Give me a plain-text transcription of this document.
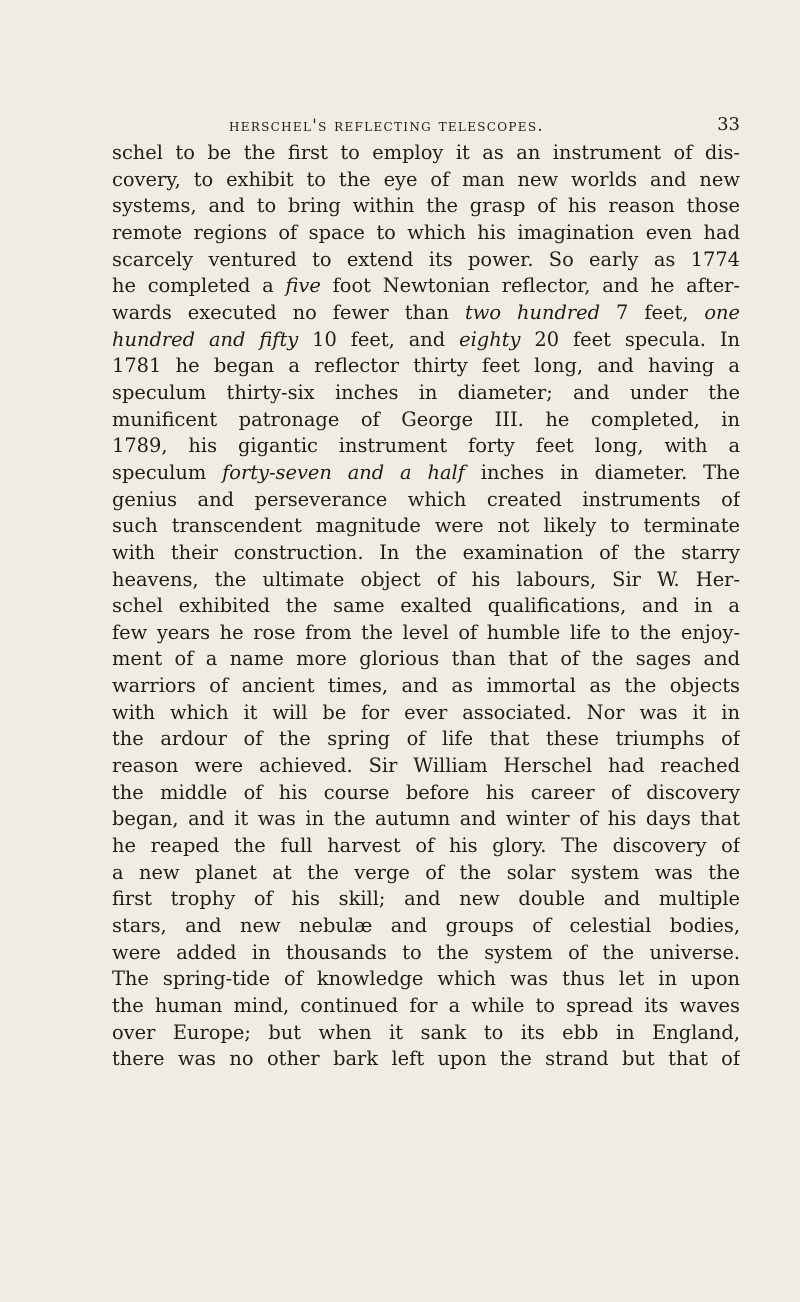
herschel's reflecting telescopes.	33
schel to be the first to employ it as an instrument of dis-
covery, to exhibit to the eye of man new worlds and new
systems, and to bring within the grasp of his reason those
remote regions of space to which his imagination even had
scarcely ventured to extend its power. So early as 1774
he completed a five foot Newtonian reflector, and he after-
wards executed no fewer than two hundred 7 feet, one
hundred and fifty 10 feet, and eighty 20 feet specula. In
1781 he began a reflector thirty feet long, and having a
speculum thirty-six inches in diameter; and under the
munificent patronage of George III. he completed, in
1789, his gigantic instrument forty feet long, with a
speculum forty-seven and a half inches in diameter. The
genius and perseverance which created instruments of
such transcendent magnitude were not likely to terminate
with their construction. In the examination of the starry
heavens, the ultimate object of his labours, Sir W. Her-
schel exhibited the same exalted qualifications, and in a
few years he rose from the level of humble life to the enjoy-
ment of a name more glorious than that of the sages and
warriors of ancient times, and as immortal as the objects
with which it will be for ever associated. Nor was it in
the ardour of the spring of life that these triumphs of
reason were achieved. Sir William Herschel had reached
the middle of his course before his career of discovery
began, and it was in the autumn and winter of his days that
he reaped the full harvest of his glory. The discovery of
a new planet at the verge of the solar system was the
first trophy of his skill; and new double and multiple
stars, and new nebulæ and groups of celestial bodies,
were added in thousands to the system of the universe.
The spring-tide of knowledge which was thus let in upon
the human mind, continued for a while to spread its waves
over Europe; but when it sank to its ebb in England,
there was no other bark left upon the strand but that of
